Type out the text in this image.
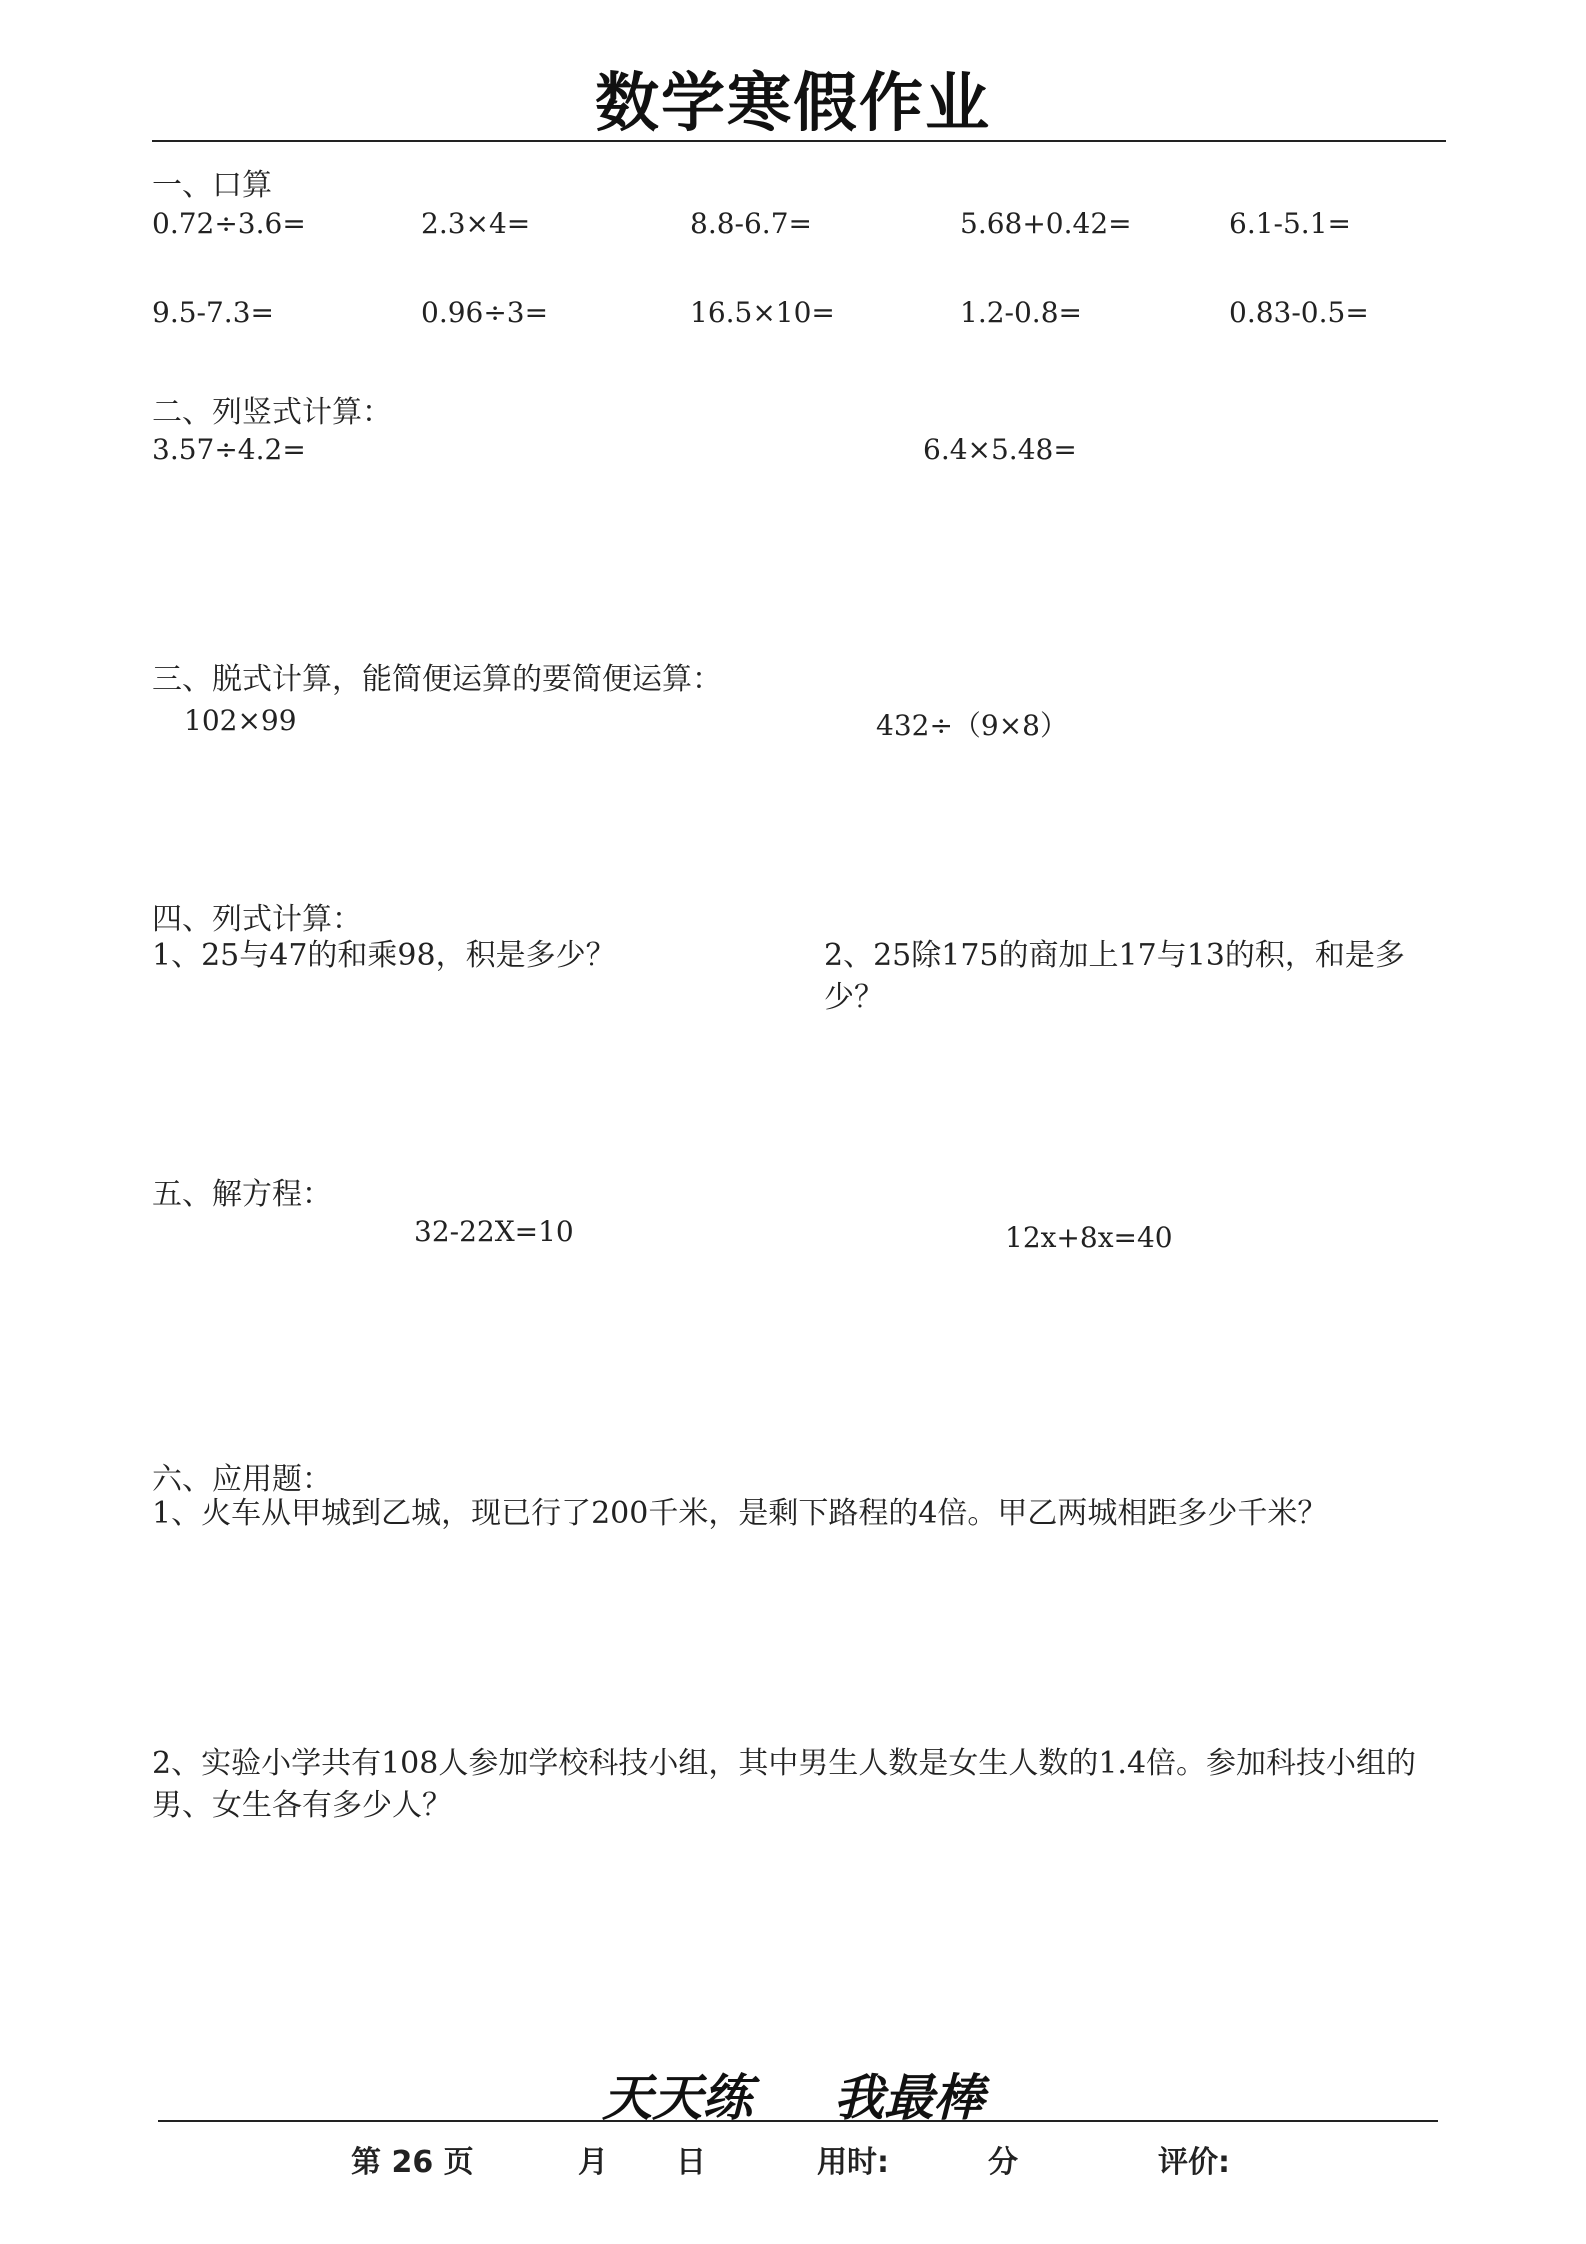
数学寒假作业
一、口算
0.72÷3.6=	2.3×4=	8.8-6.7=	5.68+0.42=	6.1-5.1=
9.5-7.3=	0.96÷3=	16.5×10=	1.2-0.8=	0.83-0.5=
二、列竖式计算：
3.57÷4.2=	6.4×5.48=
三、脱式计算，能简便运算的要简便运算：
102×99	432÷（9×8）
四、列式计算：
1、25与47的和乘98，积是多少？	2、25除175的商加上17与13的积，和是多少？
五、解方程：
32-22X=10	12x+8x=40
六、应用题：
1、火车从甲城到乙城，现已行了200千米，是剩下路程的4倍。甲乙两城相距多少千米？
2、实验小学共有108人参加学校科技小组，其中男生人数是女生人数的1.4倍。参加科技小组的男、女生各有多少人？
天天练 我最棒
第 26 页	月 日	用时:	分	评价:
